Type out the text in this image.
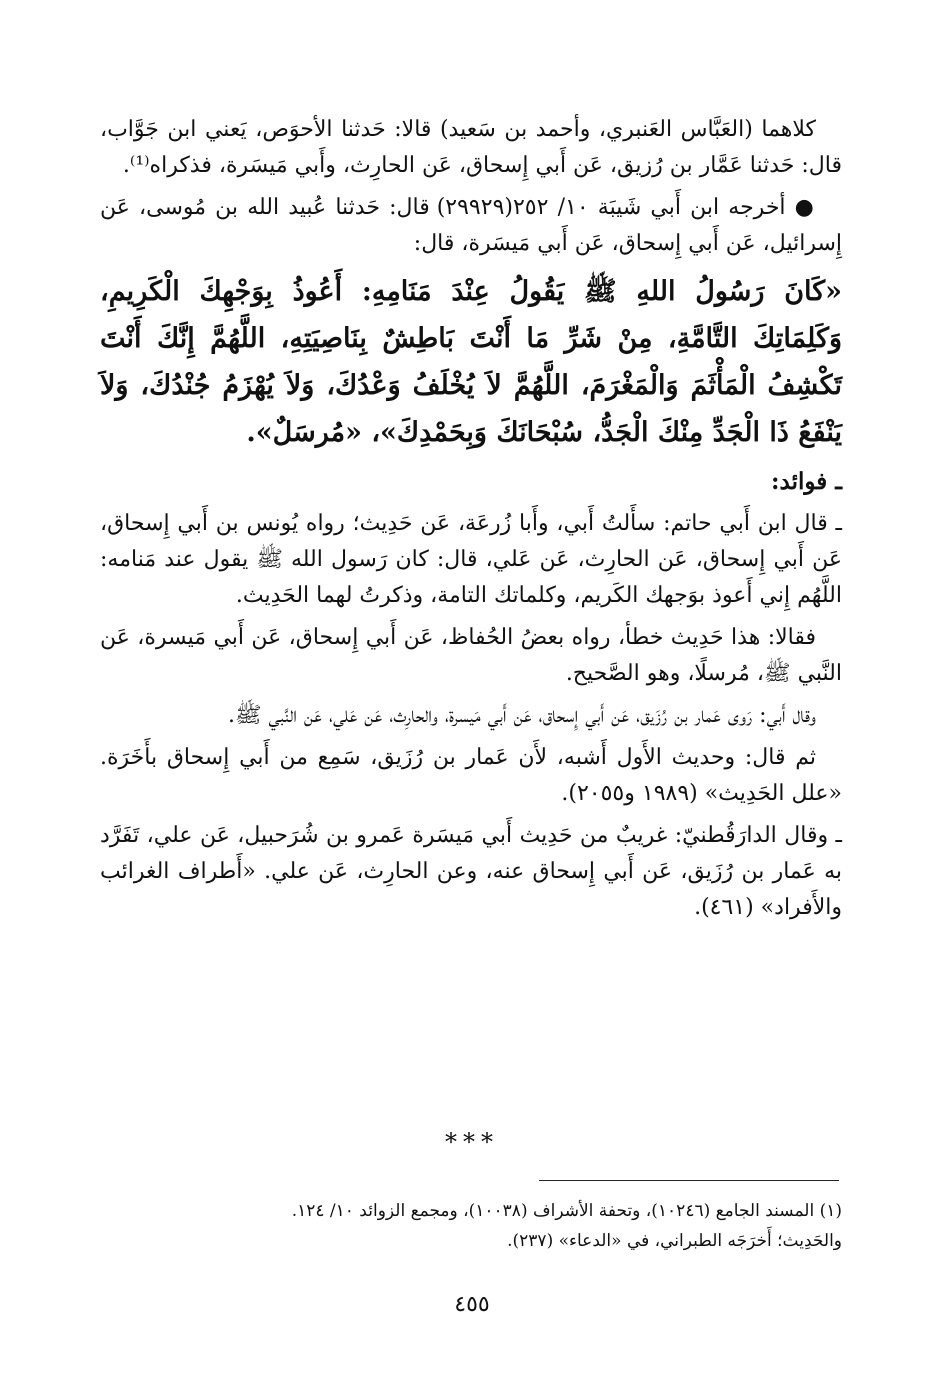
كلاهما (العَبَّاس العَنبري، وأحمد بن سَعيد) قالا: حَدثنا الأحوَص، يَعني ابن جَوَّاب، قال: حَدثنا عَمَّار بن رُزيق، عَن أَبي إِسحاق، عَن الحارِث، وأَبي مَيسَرة، فذكراه⁽¹⁾.

● أخرجه ابن أَبي شَيبَة ١٠/ ٢٥٢(٢٩٩٢٩) قال: حَدثنا عُبيد الله بن مُوسى، عَن إِسرائيل، عَن أَبي إِسحاق، عَن أَبي مَيسَرة، قال:

«كَانَ رَسُولُ اللهِ ﷺ يَقُولُ عِنْدَ مَنَامِهِ: أَعُوذُ بِوَجْهِكَ الْكَرِيمِ، وَكَلِمَاتِكَ التَّامَّةِ، مِنْ شَرِّ مَا أَنْتَ بَاطِشٌ بِنَاصِيَتِهِ، اللَّهُمَّ إِنَّكَ أَنْتَ تَكْشِفُ الْمَأْثَمَ وَالْمَغْرَمَ، اللَّهُمَّ لاَ يُخْلَفُ وَعْدُكَ، وَلاَ يُهْزَمُ جُنْدُكَ، وَلاَ يَنْفَعُ ذَا الْجَدِّ مِنْكَ الْجَدُّ، سُبْحَانَكَ وَبِحَمْدِكَ»، «مُرسَلٌ».

ـ فوائد:

ـ قال ابن أَبي حاتم: سأَلتُ أَبي، وأَبا زُرعَة، عَن حَدِيث؛ رواه يُونس بن أَبي إِسحاق، عَن أَبي إِسحاق، عَن الحارِث، عَن عَلي، قال: كان رَسول الله ﷺ يقول عند مَنامه: اللَّهُم إِني أَعوذ بوَجهك الكَريم، وكلماتك التامة، وذكرتُ لهما الحَدِيث.

فقالا: هذا حَدِيث خطأ، رواه بعضُ الحُفاظ، عَن أَبي إِسحاق، عَن أَبي مَيسرة، عَن النَّبي ﷺ، مُرسلًا، وهو الصَّحيح.

وقال أَبي: رَوى عَمار بن رُزَيق، عَن أَبي إِسحاق، عَن أَبي مَيسرة، والحارِث، عَن عَلي، عَن النَّبي ﷺ.

ثم قال: وحديث الأَول أَشبه، لأَن عَمار بن رُزَيق، سَمِع من أَبي إِسحاق بأَخَرَة. «علل الحَدِيث» (١٩٨٩ و٢٠٥٥).

ـ وقال الدارَقُطنيّ: غريبٌ من حَدِيث أَبي مَيسَرة عَمرو بن شُرَحبيل، عَن علي، تَفَرَّد به عَمار بن رُزَيق، عَن أَبي إِسحاق عنه، وعن الحارِث، عَن علي. «أَطراف الغرائب والأَفراد» (٤٦١).

***

(١) المسند الجامع (١٠٢٤٦)، وتحفة الأشراف (١٠٠٣٨)، ومجمع الزوائد ١٠/ ١٢٤.

والحَدِيث؛ أَخرَجَه الطبراني، في «الدعاء» (٢٣٧).

٤٥٥
